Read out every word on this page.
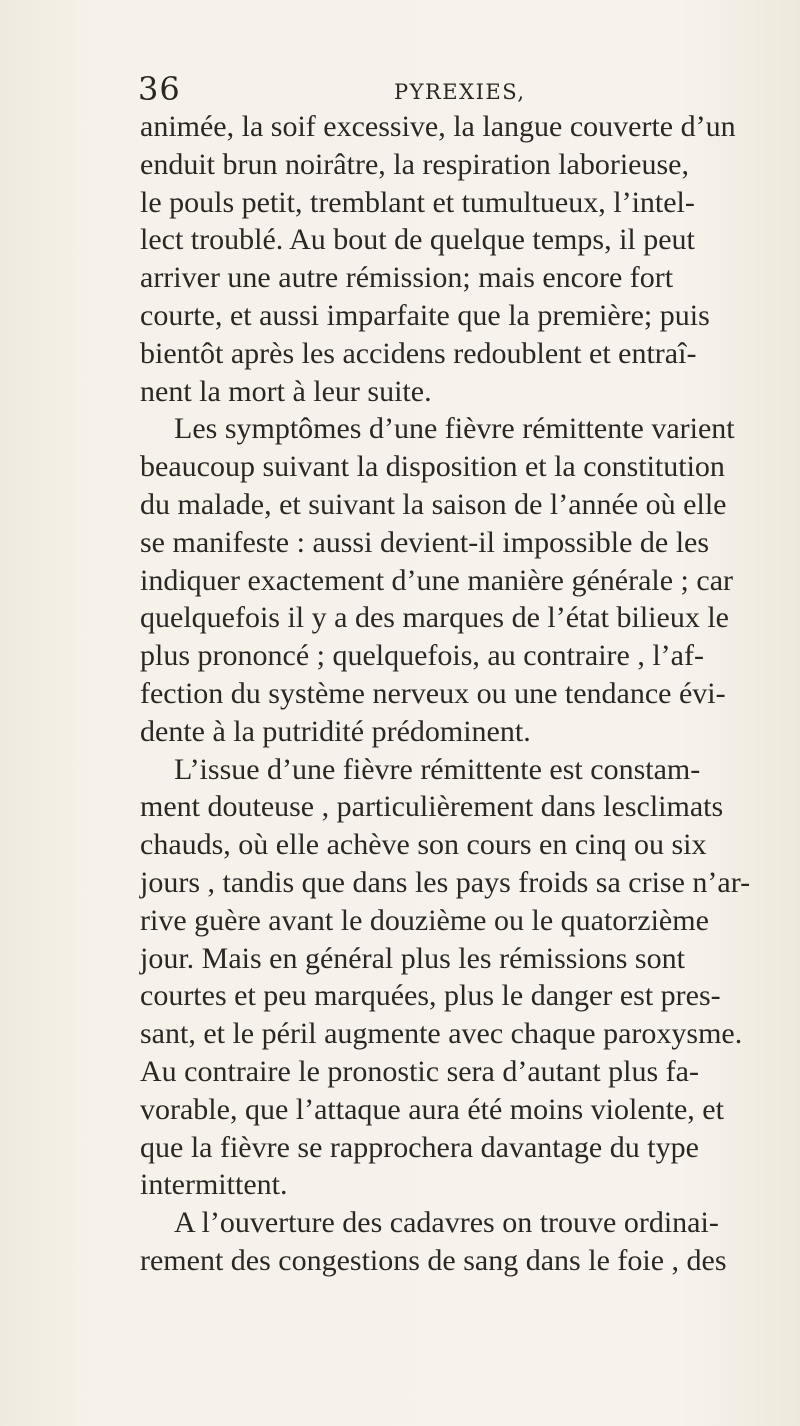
36	PYREXIES,
animée, la soif excessive, la langue couverte d’un
enduit brun noirâtre, la respiration laborieuse,
le pouls petit, tremblant et tumultueux, l’intel-
lect troublé. Au bout de quelque temps, il peut
arriver une autre rémission; mais encore fort
courte, et aussi imparfaite que la première; puis
bientôt après les accidens redoublent et entraî-
nent la mort à leur suite.
Les symptômes d’une fièvre rémittente varient
beaucoup suivant la disposition et la constitution
du malade, et suivant la saison de l’année où elle
se manifeste : aussi devient-il impossible de les
indiquer exactement d’une manière générale ; car
quelquefois il y a des marques de l’état bilieux le
plus prononcé ; quelquefois, au contraire , l’af-
fection du système nerveux ou une tendance évi-
dente à la putridité prédominent.
L’issue d’une fièvre rémittente est constam-
ment douteuse , particulièrement dans lesclimats
chauds, où elle achève son cours en cinq ou six
jours , tandis que dans les pays froids sa crise n’ar-
rive guère avant le douzième ou le quatorzième
jour. Mais en général plus les rémissions sont
courtes et peu marquées, plus le danger est pres-
sant, et le péril augmente avec chaque paroxysme.
Au contraire le pronostic sera d’autant plus fa-
vorable, que l’attaque aura été moins violente, et
que la fièvre se rapprochera davantage du type
intermittent.
A l’ouverture des cadavres on trouve ordinai-
rement des congestions de sang dans le foie , des
